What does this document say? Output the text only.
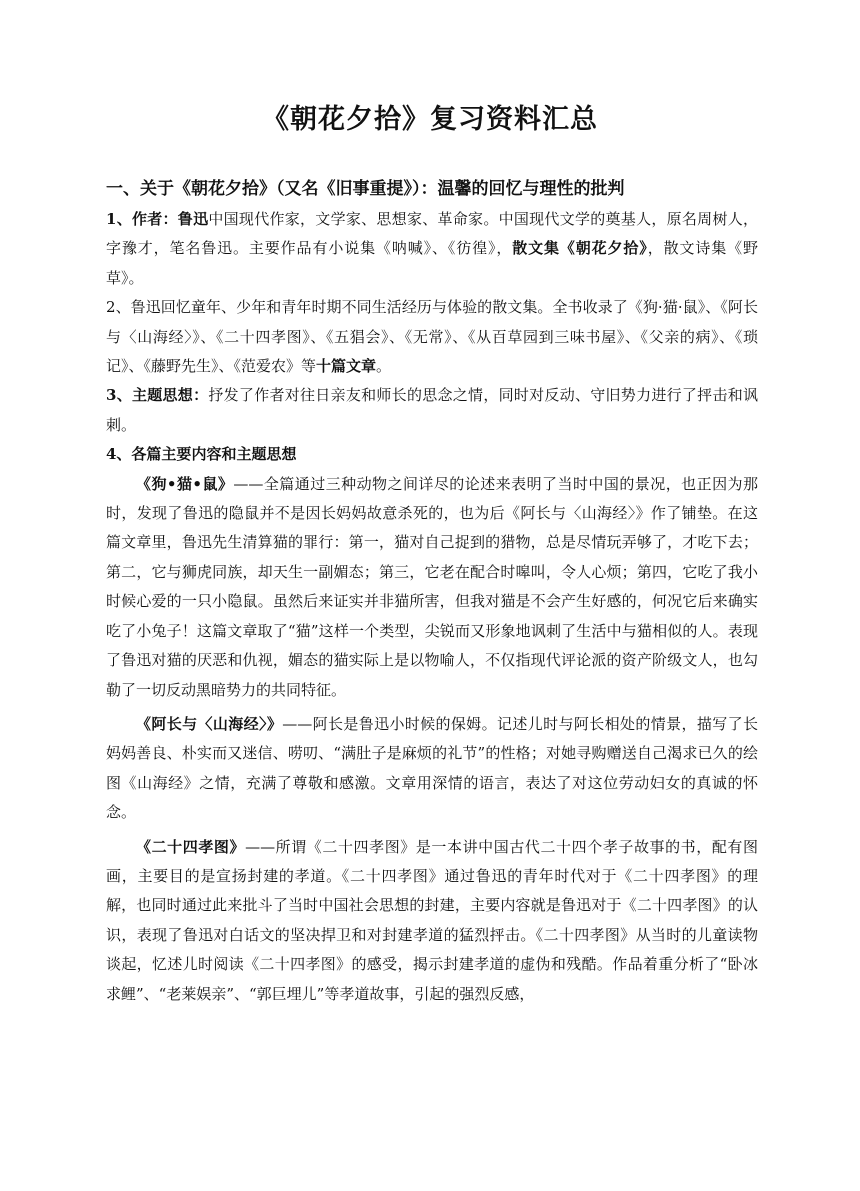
《朝花夕拾》复习资料汇总
一、关于《朝花夕拾》（又名《旧事重提》）：温馨的回忆与理性的批判

1、作者：鲁迅中国现代作家，文学家、思想家、革命家。中国现代文学的奠基人，原名周树人，字豫才，笔名鲁迅。主要作品有小说集《呐喊》、《彷徨》，散文集《朝花夕拾》，散文诗集《野草》。

2、鲁迅回忆童年、少年和青年时期不同生活经历与体验的散文集。全书收录了《狗·猫·鼠》、《阿长与〈山海经〉》、《二十四孝图》、《五猖会》、《无常》、《从百草园到三味书屋》、《父亲的病》、《琐记》、《藤野先生》、《范爱农》等十篇文章。

3、主题思想：抒发了作者对往日亲友和师长的思念之情，同时对反动、守旧势力进行了抨击和讽刺。

4、各篇主要内容和主题思想

《狗•猫•鼠》——全篇通过三种动物之间详尽的论述来表明了当时中国的景况，也正因为那时，发现了鲁迅的隐鼠并不是因长妈妈故意杀死的，也为后《阿长与〈山海经〉》作了铺垫。在这篇文章里，鲁迅先生清算猫的罪行：第一，猫对自己捉到的猎物，总是尽情玩弄够了，才吃下去；第二，它与狮虎同族，却天生一副媚态；第三，它老在配合时嗥叫，令人心烦；第四，它吃了我小时候心爱的一只小隐鼠。虽然后来证实并非猫所害，但我对猫是不会产生好感的，何况它后来确实吃了小兔子！这篇文章取了“猫”这样一个类型，尖锐而又形象地讽刺了生活中与猫相似的人。表现了鲁迅对猫的厌恶和仇视，媚态的猫实际上是以物喻人，不仅指现代评论派的资产阶级文人，也勾勒了一切反动黑暗势力的共同特征。

《阿长与〈山海经〉》——阿长是鲁迅小时候的保姆。记述儿时与阿长相处的情景，描写了长妈妈善良、朴实而又迷信、唠叨、“满肚子是麻烦的礼节”的性格；对她寻购赠送自己渴求已久的绘图《山海经》之情，充满了尊敬和感激。文章用深情的语言，表达了对这位劳动妇女的真诚的怀念。

《二十四孝图》——所谓《二十四孝图》是一本讲中国古代二十四个孝子故事的书，配有图画，主要目的是宣扬封建的孝道。《二十四孝图》通过鲁迅的青年时代对于《二十四孝图》的理解，也同时通过此来批斗了当时中国社会思想的封建，主要内容就是鲁迅对于《二十四孝图》的认识，表现了鲁迅对白话文的坚决捍卫和对封建孝道的猛烈抨击。《二十四孝图》从当时的儿童读物谈起，忆述儿时阅读《二十四孝图》的感受，揭示封建孝道的虚伪和残酷。作品着重分析了“卧冰求鲤”、“老莱娱亲”、“郭巨埋儿”等孝道故事，引起的强烈反感，
